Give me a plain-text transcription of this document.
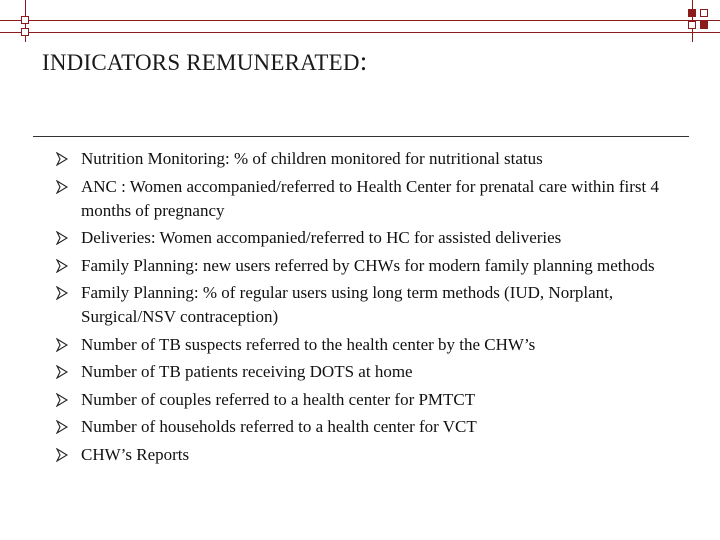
INDICATORS REMUNERATED:
Nutrition Monitoring: % of children monitored for nutritional status
ANC : Women accompanied/referred to Health Center for prenatal care within first 4 months of pregnancy
Deliveries: Women accompanied/referred to HC for assisted deliveries
Family Planning: new users referred by CHWs for modern family planning methods
Family Planning: % of regular users using long term methods (IUD, Norplant, Surgical/NSV contraception)
Number of TB suspects referred to the health center by the CHW’s
Number of TB patients receiving DOTS at home
Number of couples referred to a health center for PMTCT
Number of households referred to a health center for VCT
CHW’s Reports
